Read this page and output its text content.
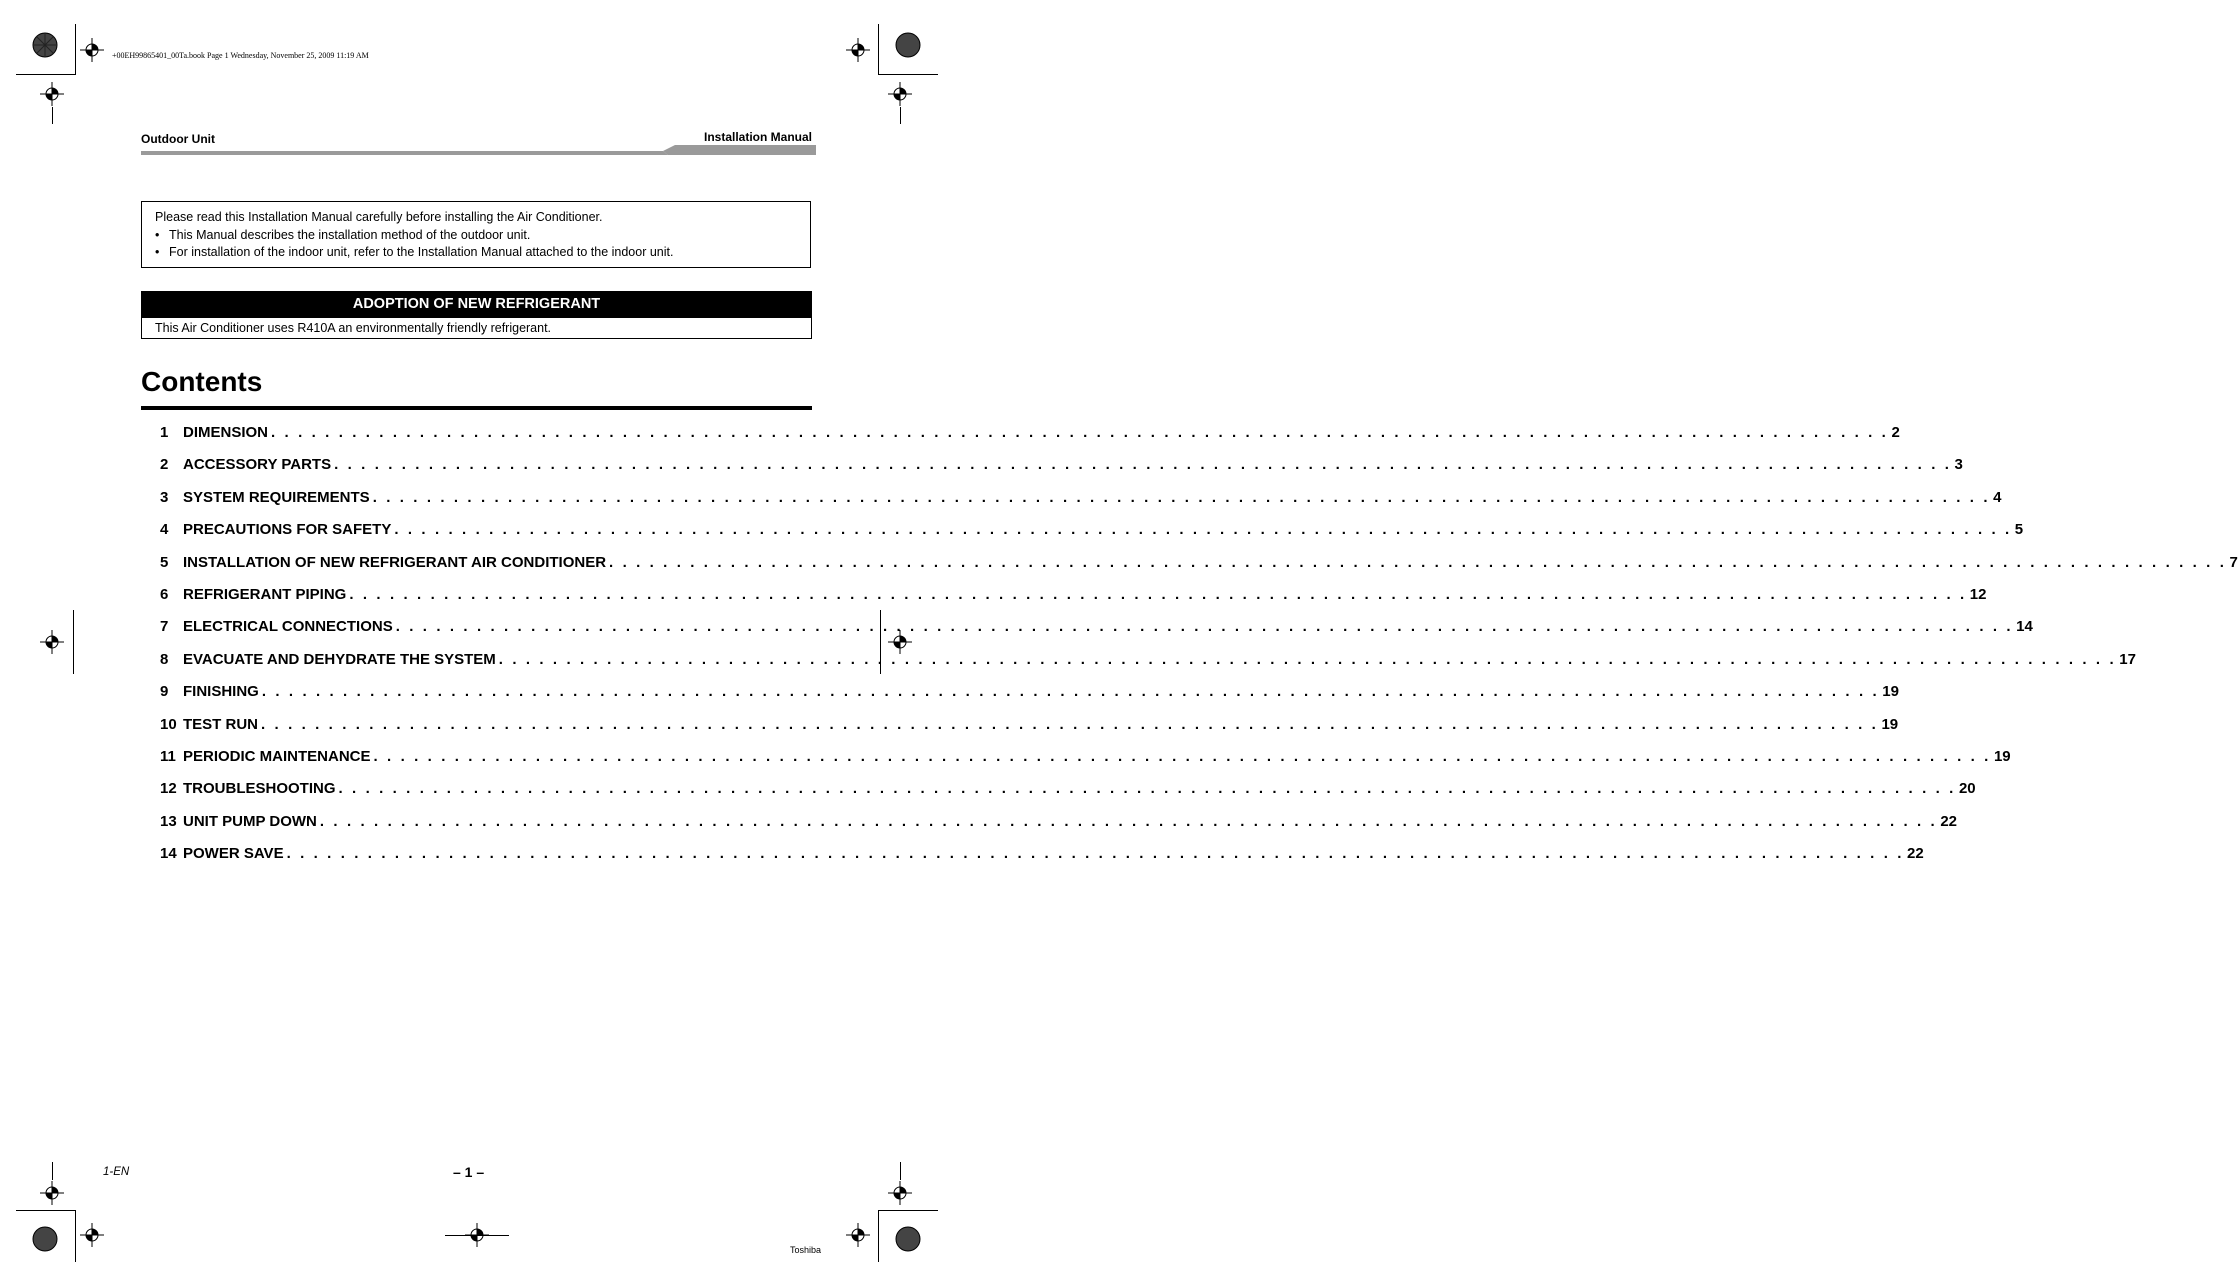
+00EH99865401_00Ta.book Page 1 Wednesday, November 25, 2009 11:19 AM
Outdoor Unit	Installation Manual
Please read this Installation Manual carefully before installing the Air Conditioner.
• This Manual describes the installation method of the outdoor unit.
• For installation of the indoor unit, refer to the Installation Manual attached to the indoor unit.
ADOPTION OF NEW REFRIGERANT
This Air Conditioner uses R410A an environmentally friendly refrigerant.
Contents
1 DIMENSION . . . . . . . . . . . . . . . . . . . . . . . . . . . . . . . . . . . . . . . . . . . . . . . . . . . . . . . . . . . . . . . . . . . . . . . . . . . . . . . . . . . . . . . . . . . . . . . . . . . . . . . . . . . . . . . . . . . . . . . . 2
2 ACCESSORY PARTS . . . . . . . . . . . . . . . . . . . . . . . . . . . . . . . . . . . . . . . . . . . . . . . . . . . . . . . . . . . . . . . . . . . . . . . . . . . . . . . . . . . . . . . . . . . . . . . . . . . . . . . . . . . . . . . . . . . . . . . . 3
3 SYSTEM REQUIREMENTS . . . . . . . . . . . . . . . . . . . . . . . . . . . . . . . . . . . . . . . . . . . . . . . . . . . . . . . . . . . . . . . . . . . . . . . . . . . . . . . . . . . . . . . . . . . . . . . . . . . . . . . . . . . . . . . . . . . . . . . . 4
4 PRECAUTIONS FOR SAFETY . . . . . . . . . . . . . . . . . . . . . . . . . . . . . . . . . . . . . . . . . . . . . . . . . . . . . . . . . . . . . . . . . . . . . . . . . . . . . . . . . . . . . . . . . . . . . . . . . . . . . . . . . . . . . . . . . . . . . . . . 5
5 INSTALLATION OF NEW REFRIGERANT AIR CONDITIONER . . . . . . . . . . . . . . . . . . . . . . . . . . . . . . . . . . . . . . . . . . . . . . . . . . . . . . . . . . . . . . . . . . . . . . . . . . . . . . . . . . . . . . . . . . . . . . . . . . . . . . . . . . . . . . . . . . . . . . . . 7
6 REFRIGERANT PIPING . . . . . . . . . . . . . . . . . . . . . . . . . . . . . . . . . . . . . . . . . . . . . . . . . . . . . . . . . . . . . . . . . . . . . . . . . . . . . . . . . . . . . . . . . . . . . . . . . . . . . . . . . . . . . . . . . . . . . . . . 12
7 ELECTRICAL CONNECTIONS . . . . . . . . . . . . . . . . . . . . . . . . . . . . . . . . . . . . . . . . . . . . . . . . . . . . . . . . . . . . . . . . . . . . . . . . . . . . . . . . . . . . . . . . . . . . . . . . . . . . . . . . . . . . . . . . . . . . . . . . 14
8 EVACUATE AND DEHYDRATE THE SYSTEM . . . . . . . . . . . . . . . . . . . . . . . . . . . . . . . . . . . . . . . . . . . . . . . . . . . . . . . . . . . . . . . . . . . . . . . . . . . . . . . . . . . . . . . . . . . . . . . . . . . . . . . . . . . . . . . . . . . . . . . . 17
9 FINISHING . . . . . . . . . . . . . . . . . . . . . . . . . . . . . . . . . . . . . . . . . . . . . . . . . . . . . . . . . . . . . . . . . . . . . . . . . . . . . . . . . . . . . . . . . . . . . . . . . . . . . . . . . . . . . . . . . . . . . . . . 19
10 TEST RUN . . . . . . . . . . . . . . . . . . . . . . . . . . . . . . . . . . . . . . . . . . . . . . . . . . . . . . . . . . . . . . . . . . . . . . . . . . . . . . . . . . . . . . . . . . . . . . . . . . . . . . . . . . . . . . . . . . . . . . . . 19
11 PERIODIC MAINTENANCE . . . . . . . . . . . . . . . . . . . . . . . . . . . . . . . . . . . . . . . . . . . . . . . . . . . . . . . . . . . . . . . . . . . . . . . . . . . . . . . . . . . . . . . . . . . . . . . . . . . . . . . . . . . . . . . . . . . . . . . . 19
12 TROUBLESHOOTING . . . . . . . . . . . . . . . . . . . . . . . . . . . . . . . . . . . . . . . . . . . . . . . . . . . . . . . . . . . . . . . . . . . . . . . . . . . . . . . . . . . . . . . . . . . . . . . . . . . . . . . . . . . . . . . . . . . . . . . . 20
13 UNIT PUMP DOWN . . . . . . . . . . . . . . . . . . . . . . . . . . . . . . . . . . . . . . . . . . . . . . . . . . . . . . . . . . . . . . . . . . . . . . . . . . . . . . . . . . . . . . . . . . . . . . . . . . . . . . . . . . . . . . . . . . . . . . . . 22
14 POWER SAVE . . . . . . . . . . . . . . . . . . . . . . . . . . . . . . . . . . . . . . . . . . . . . . . . . . . . . . . . . . . . . . . . . . . . . . . . . . . . . . . . . . . . . . . . . . . . . . . . . . . . . . . . . . . . . . . . . . . . . . . . 22
1-EN	– 1 –
Toshiba
